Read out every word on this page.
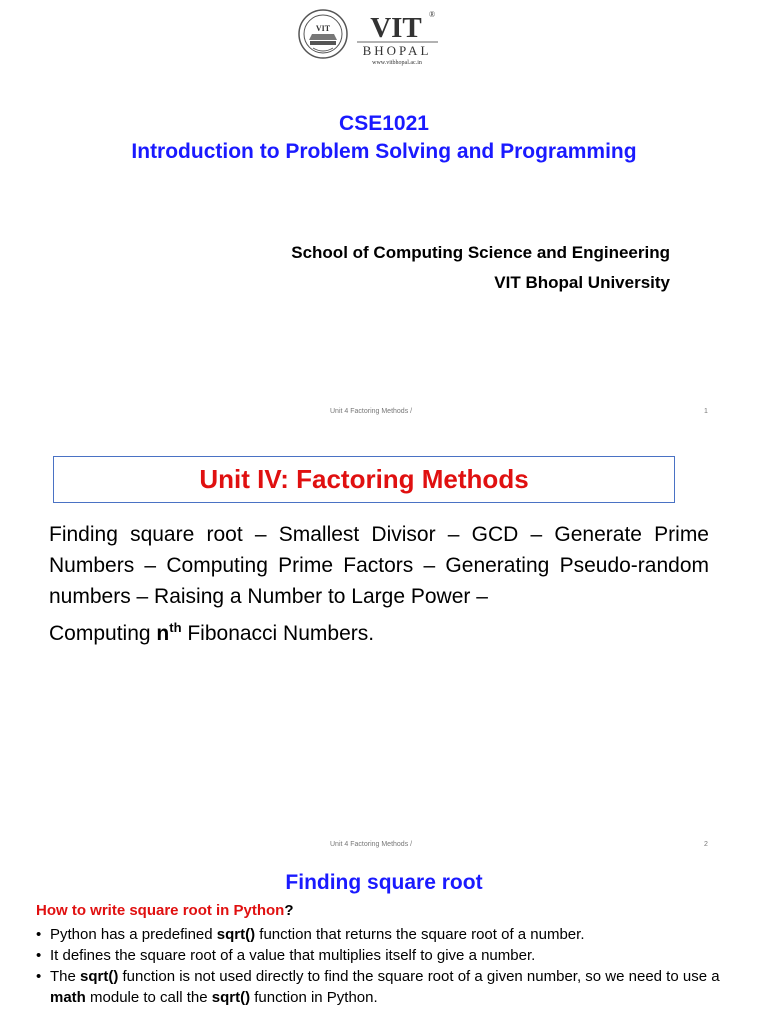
VIT VIT ®
BHOPAL
www.vitbhopal.ac.in
CSE1021
Introduction to Problem Solving and Programming
School of Computing Science and Engineering
VIT Bhopal University
Unit 4 Factoring Methods /	1
Unit IV: Factoring Methods
Finding square root – Smallest Divisor – GCD – Generate Prime Numbers – Computing Prime Factors – Generating Pseudo-random numbers – Raising a Number to Large Power –
Computing $n^{th}$ Fibonacci Numbers.
Unit 4 Factoring Methods /	2
Finding square root
How to write square root in Python?
• Python has a predefined sqrt() function that returns the square root of a number.
• It defines the square root of a value that multiplies itself to give a number.
• The sqrt() function is not used directly to find the square root of a given number, so we need to use a math module to call the sqrt() function in Python.
